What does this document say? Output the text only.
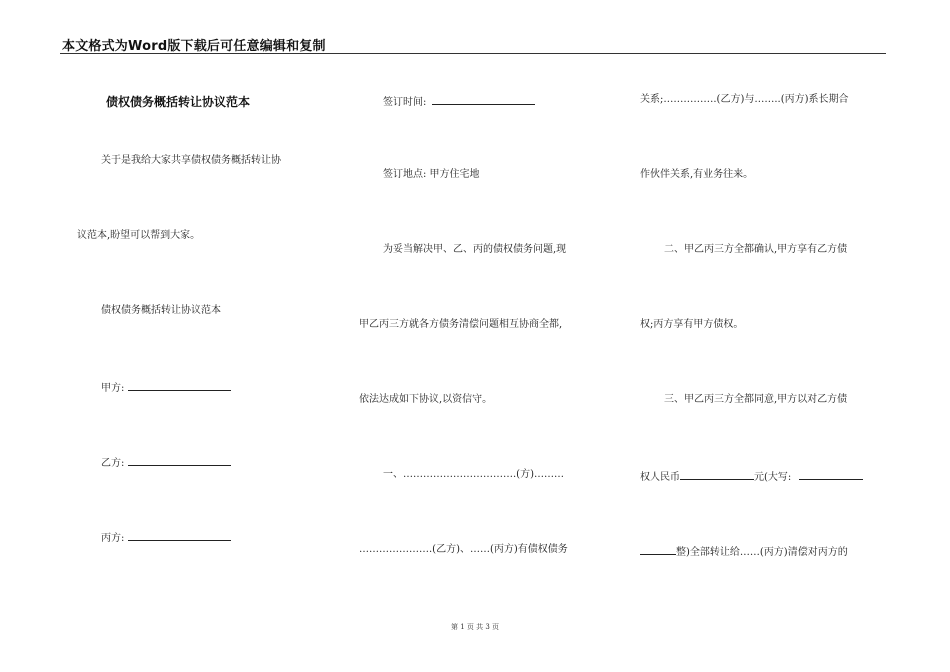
本文格式为Word版下载后可任意编辑和复制
债权债务概括转让协议范本
关于是我给大家共享债权债务概括转让协
议范本,盼望可以帮到大家。
债权债务概括转让协议范本
甲方:
乙方:
丙方:
签订时间:
签订地点: 甲方住宅地
为妥当解决甲、乙、丙的债权债务问题,现
甲乙丙三方就各方债务清偿问题相互协商全都,
依法达成如下协议,以资信守。
一、…………………………….(方)………
………………….(乙方)、……(丙方)有债权债务
关系;…………….(乙方)与……..(丙方)系长期合
作伙伴关系,有业务往来。
二、甲乙丙三方全都确认,甲方享有乙方债
权;丙方享有甲方债权。
三、甲乙丙三方全都同意,甲方以对乙方债
权人民币	元(大写:
整)全部转让给……(丙方)清偿对丙方的
第 1 页 共 3 页
